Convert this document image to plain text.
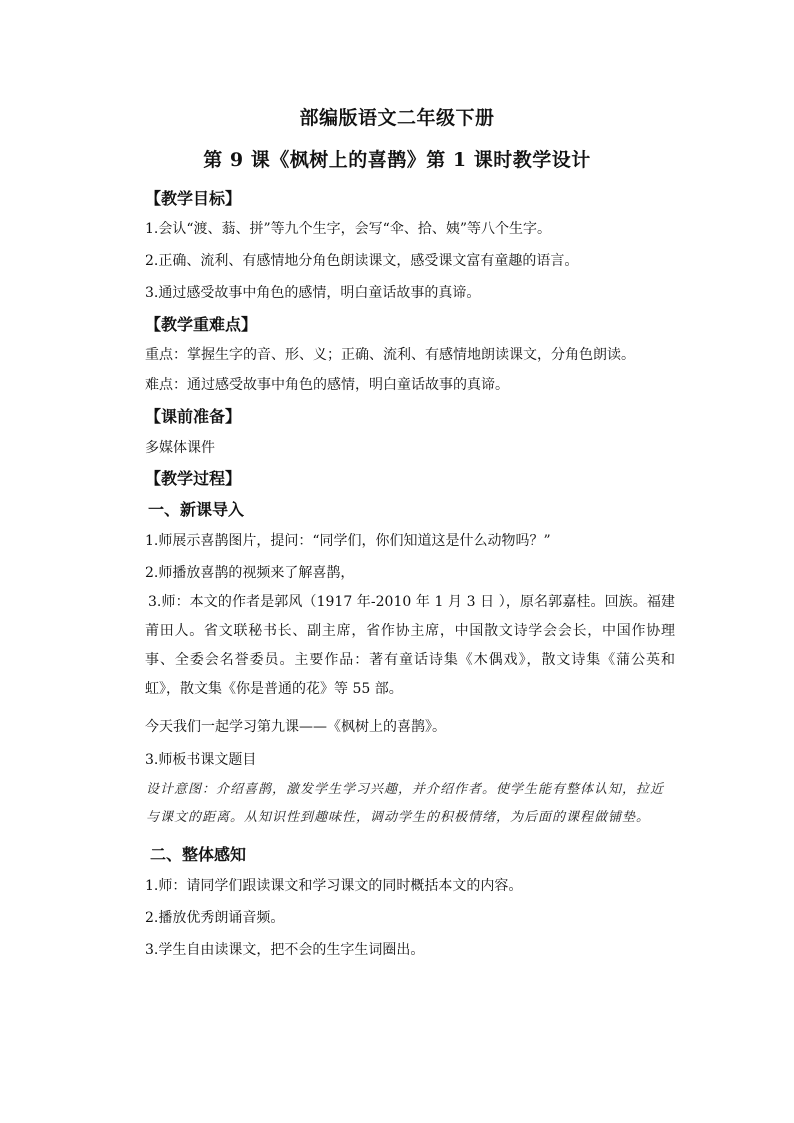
部编版语文二年级下册
第 9 课《枫树上的喜鹊》第 1 课时教学设计
【教学目标】
1.会认“渡、蓊、拼”等九个生字，会写“伞、拾、姨”等八个生字。
2.正确、流利、有感情地分角色朗读课文，感受课文富有童趣的语言。
3.通过感受故事中角色的感情，明白童话故事的真谛。
【教学重难点】
重点：掌握生字的音、形、义；正确、流利、有感情地朗读课文，分角色朗读。
难点：通过感受故事中角色的感情，明白童话故事的真谛。
【课前准备】
多媒体课件
【教学过程】
一、新课导入
1.师展示喜鹊图片，提问：“同学们，你们知道这是什么动物吗？”
2.师播放喜鹊的视频来了解喜鹊，
3.师：本文的作者是郭风（1917 年-2010 年 1 月 3 日 ），原名郭嘉桂。回族。福建莆田人。省文联秘书长、副主席，省作协主席，中国散文诗学会会长，中国作协理事、全委会名誉委员。主要作品：著有童话诗集《木偶戏》，散文诗集《蒲公英和虹》，散文集《你是普通的花》等 55 部。
今天我们一起学习第九课——《枫树上的喜鹊》。
3.师板书课文题目
设计意图：介绍喜鹊，激发学生学习兴趣，并介绍作者。使学生能有整体认知，拉近与课文的距离。从知识性到趣味性，调动学生的积极情绪，为后面的课程做铺垫。
二、整体感知
1.师：请同学们跟读课文和学习课文的同时概括本文的内容。
2.播放优秀朗诵音频。
3.学生自由读课文，把不会的生字生词圈出。
